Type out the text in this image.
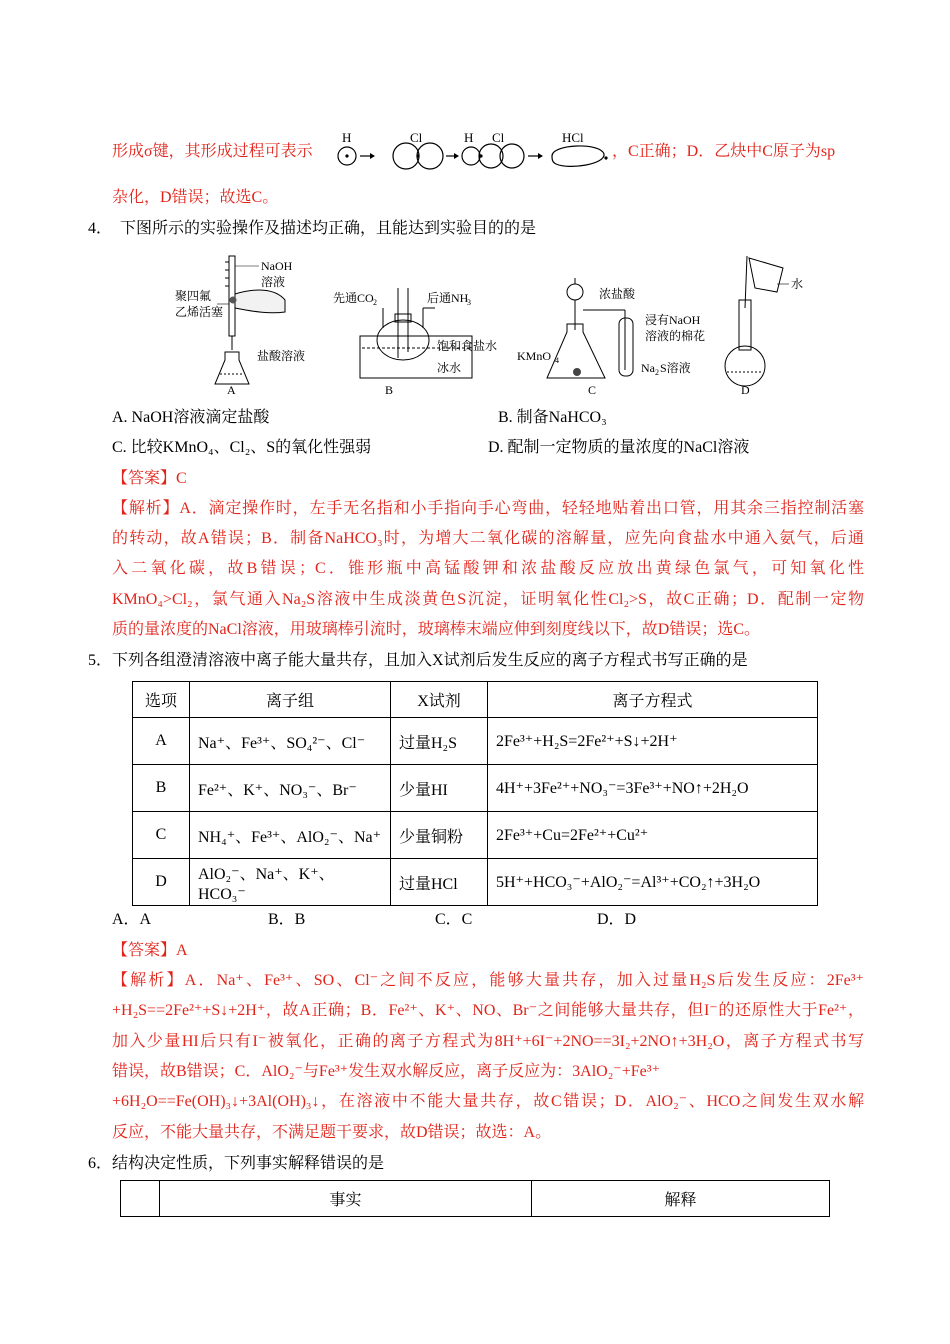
形成σ键，其形成过程可表示
H	Cl	H Cl	HCl
，C正确；D．乙炔中C原子为sp
杂化，D错误；故选C。
4． 下图所示的实验操作及描述均正确，且能达到实验目的的是
NaOH
溶液
聚四氟
乙烯活塞
盐酸溶液
A
先通CO 2	后通NH
3
饱和食盐水
冰水
B
浓盐酸
浸有NaOH
溶液的棉花
KMnO 4
Na 2 S溶液
C
水
D
A. NaOH溶液滴定盐酸	B. 制备NaHCO₃
C. 比较KMnO₄、Cl₂、S的氧化性强弱	D. 配制一定物质的量浓度的NaCl溶液
【答案】C
【解析】A．滴定操作时，左手无名指和小手指向手心弯曲，轻轻地贴着出口管，用其余三指控制活塞
的转动，故A错误；B．制备NaHCO₃时，为增大二氧化碳的溶解量，应先向食盐水中通入氨气，后通
入二氧化碳，故B错误；C．锥形瓶中高锰酸钾和浓盐酸反应放出黄绿色氯气，可知氧化性
KMnO₄>Cl₂，氯气通入Na₂S溶液中生成淡黄色S沉淀，证明氧化性Cl₂>S，故C正确；D．配制一定物
质的量浓度的NaCl溶液，用玻璃棒引流时，玻璃棒末端应伸到刻度线以下，故D错误；选C。
5．下列各组澄清溶液中离子能大量共存，且加入X试剂后发生反应的离子方程式书写正确的是
选项	离子组	X试剂	离子方程式
A	Na⁺、Fe³⁺、SO₄²⁻、Cl⁻	过量H₂S	2Fe³⁺+H₂S=2Fe²⁺+S↓+2H⁺
B	Fe²⁺、K⁺、NO₃⁻、Br⁻	少量HI	4H⁺+3Fe²⁺+NO₃⁻=3Fe³⁺+NO↑+2H₂O
C	NH₄⁺、Fe³⁺、AlO₂⁻、Na⁺	少量铜粉	2Fe³⁺+Cu=2Fe²⁺+Cu²⁺
D	AlO₂⁻、Na⁺、K⁺、HCO₃⁻	过量HCl	5H⁺+HCO₃⁻+AlO₂⁻=Al³⁺+CO₂↑+3H₂O
A．A	B．B	C．C	D．D
【答案】A
【解析】A．Na⁺、Fe³⁺、SO、Cl⁻之间不反应，能够大量共存，加入过量H₂S后发生反应：2Fe³⁺
+H₂S==2Fe²⁺+S↓+2H⁺，故A正确；B．Fe²⁺、K⁺、NO、Br⁻之间能够大量共存，但I⁻的还原性大于Fe²⁺，
加入少量HI后只有I⁻被氧化，正确的离子方程式为8H⁺+6I⁻+2NO==3I₂+2NO↑+3H₂O，离子方程式书写
错误，故B错误；C．AlO₂⁻与Fe³⁺发生双水解反应，离子反应为：3AlO₂⁻+Fe³⁺
+6H₂O==Fe(OH)₃↓+3Al(OH)₃↓，在溶液中不能大量共存，故C错误；D．AlO₂⁻、HCO之间发生双水解
反应，不能大量共存，不满足题干要求，故D错误；故选：A。
6．结构决定性质，下列事实解释错误的是
	事实	解释
